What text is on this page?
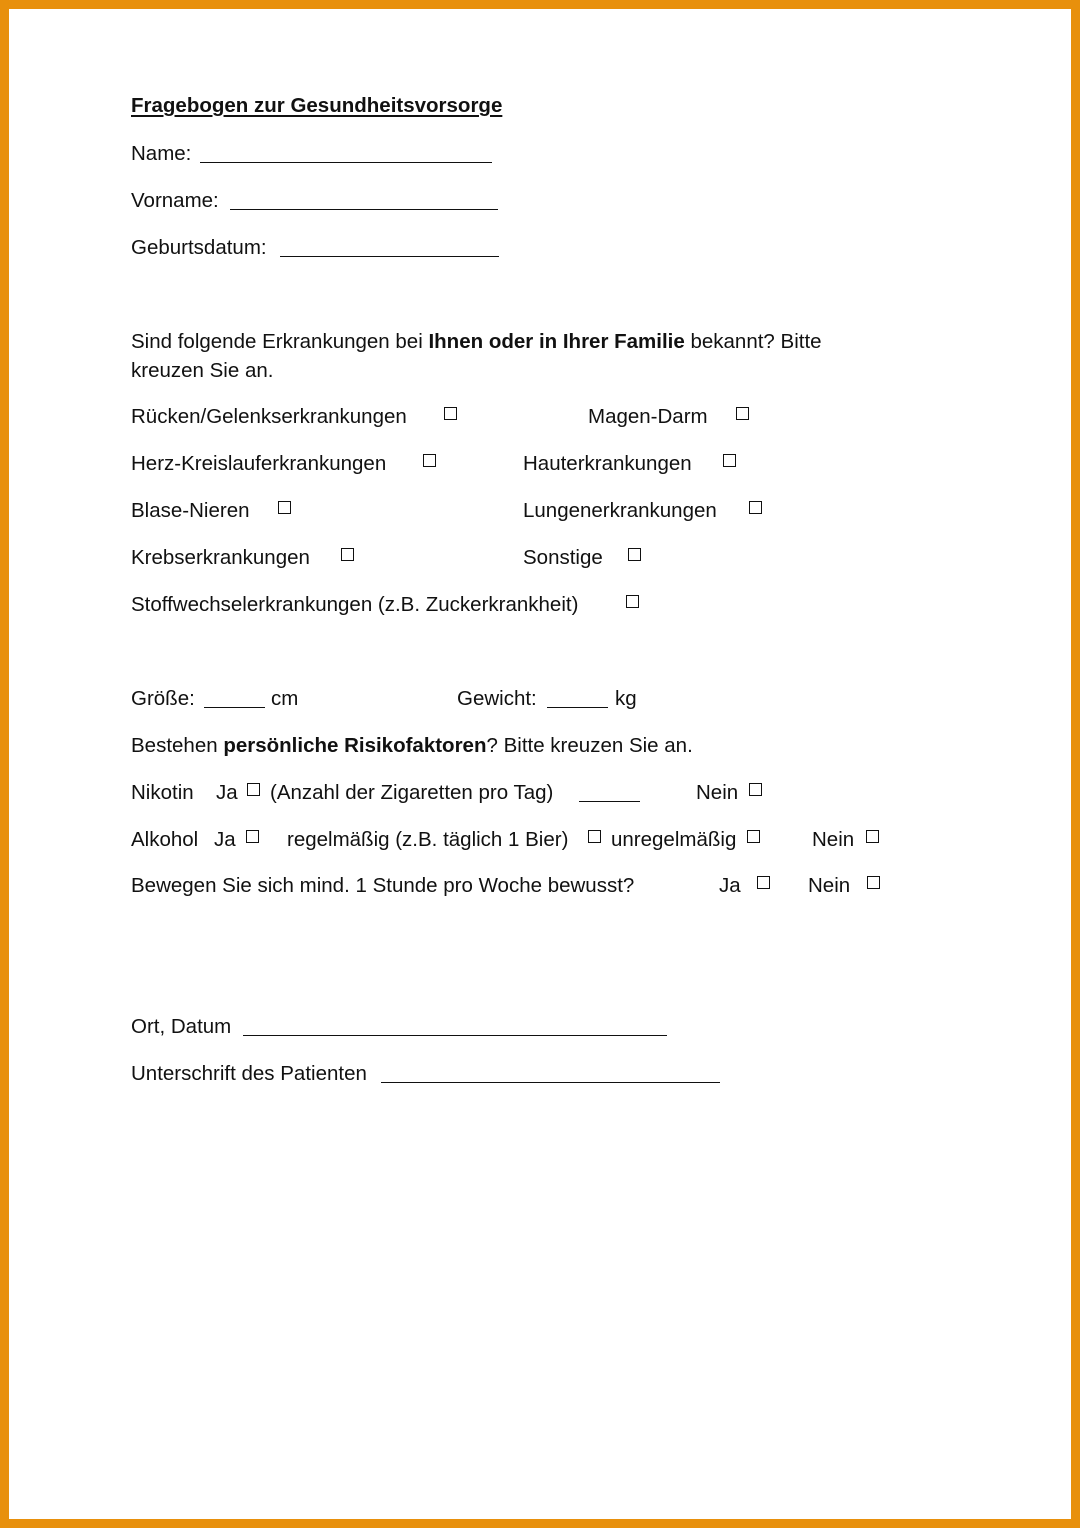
Fragebogen zur Gesundheitsvorsorge
Name:
Vorname:
Geburtsdatum:
Sind folgende Erkrankungen bei Ihnen oder in Ihrer Familie bekannt? Bitte
kreuzen Sie an.
Rücken/Gelenkserkrankungen	Magen-Darm
Herz-Kreislauferkrankungen	Hauterkrankungen
Blase-Nieren	Lungenerkrankungen
Krebserkrankungen	Sonstige
Stoffwechselerkrankungen (z.B. Zuckerkrankheit)
Größe:	cm	Gewicht:	kg
Bestehen persönliche Risikofaktoren? Bitte kreuzen Sie an.
Nikotin Ja (Anzahl der Zigaretten pro Tag)	Nein
Alkohol Ja	regelmäßig (z.B. täglich 1 Bier) unregelmäßig	Nein
Bewegen Sie sich mind. 1 Stunde pro Woche bewusst?	Ja	Nein
Ort, Datum
Unterschrift des Patienten
